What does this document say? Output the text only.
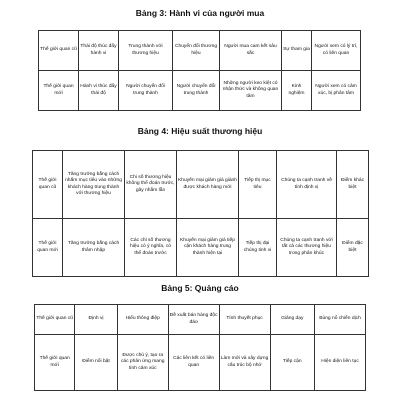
Bảng 3: Hành vi của người mua
Thế giới quan cũ	Thái độ thúc đẩy hành vi	Trung thành với thương hiệu	Chuyển đổi thương hiệu	Người mua cam kết sâu sắc	Sự tham gia	Người xem có lý trí, có liên quan
Thế giới quan mới	Hành vi thúc đẩy thái độ	Người chuyển đổi trung thành	Người chuyển đổi trung thành	Những người keo kiệt có nhận thức và không quan tâm	Kinh nghiệm	Người xem có cảm xúc, bị phân tâm
Bảng 4: Hiệu suất thương hiệu
Thế giới quan cũ	Tăng trưởng bằng cách nhắm mục tiêu vào những khách hàng trung thành với thương hiệu	Chi số thương hiệu không thể đoán trước, gây nhầm lẫn	Khuyến mại giảm giá giành được khách hàng mới	Tiếp thị mục tiêu	Chúng ta cạnh tranh về tính định vị	Điểm khác biệt
Thế giới quan mới	Tăng trưởng bằng cách thâm nhập	Các chỉ số thương hiệu có ý nghĩa, có thể đoán trước	Khuyến mại giảm giá tiếp cận khách hàng trung thành hiện tại	Tiếp thị đại chúng tinh vi	Chúng ta cạnh tranh với tất cả các thương hiệu trong phân khúc	Điểm đặc biệt
Bảng 5: Quảng cáo
Thế giới quan cũ	Định vị	Hiểu thông điệp	Đề xuất bán hàng độc đáo	Tính thuyết phục	Giảng dạy	Bùng nổ chiến dịch
Thế giới quan mới	Điểm nổi bật	Được chú ý, tạo ra các phản ứng mang tính cảm xúc	Các liên kết có liên quan	Làm mới và xây dựng cấu trúc bộ nhớ	Tiếp cận	Hiện diện liên tục
